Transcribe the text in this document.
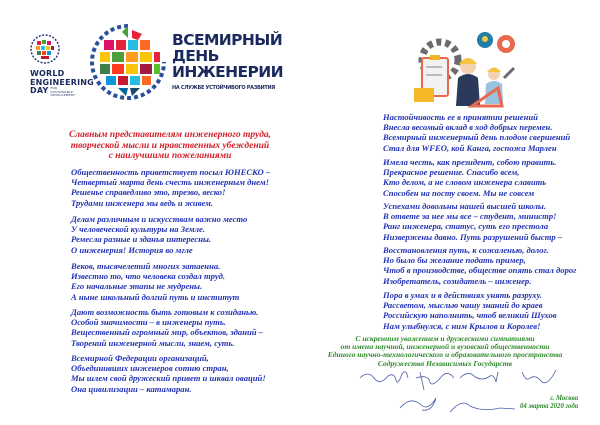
WORLD
ENGINEERING
DAY FOR SUSTAINABLE DEVELOPMENT
ВСЕМИРНЫЙ
ДЕНЬ
ИНЖЕНЕРИИ
НА СЛУЖБЕ УСТОЙЧИВОГО РАЗВИТИЯ
Славным представителям инженерного труда,
творческой мысли и нравственных убеждений
с наилучшими пожеланиями
Общественность приветствует посыл ЮНЕСКО –
Четвертый марта день счесть инженерным днем!
Решенье справедливо это, трезво, веско!
Трудами инженера мы ведь и живем.
Делам различным и искусствам важно место
У человеческой культуры на Земле.
Ремесла разные и зданья интересны.
О инженерия! История во мгле
Веков, тысячелетий многих затаенна.
Известно то, что человека создал труд.
Его начальные этапы не мудрены.
А ныне школьный долгий путь и институт
Дают возможность быть готовым к созиданью.
Особой значимости – в инженеры путь.
Вещественный огромный мир, объектов, зданий –
Творений инженерной мысли, знаем, суть.
Всемирной Федерации организаций,
Объединивших инженеров сотню стран,
Мы шлем свой дружеский привет и шквал оваций!
Она цивилизации – катамаран.
Настойчивость ее в принятии решений
Внесла весомый вклад в ход добрых перемен.
Всемирный инженерный день плодом свершений
Стал для WFEO, кой Канга, госпожа Марлен
Имела честь, как президент, собою править.
Прекрасное решение. Спасибо всем,
Кто делом, а не словом инженера славить
Способен на посту своем. Мы не совсем
Успехами довольны нашей высшей школы.
В ответе за нее мы все – студент, министр!
Ранг инженера, статус, суть его престола
Низвержены давно. Путь разрушений быстр –
Восстановления путь, к сожаленью, долог.
Но было бы желание подать пример,
Чтоб в производстве, обществе опять стал дорог
Изобретатель, созидатель – инженер.
Пора в умах и в действиях унять разруху.
Рассветом, мыслью чашу знаний до краев
Российскую наполнить, чтоб великий Шухов
Нам улыбнулся, с ним Крылов и Королев!
С искренним уважением и дружескими симпатиями
от имени научной, инженерной и вузовской общественности
Единого научно-технологического и образовательного пространства
Содружества Независимых Государств
г. Москва
04 марта 2020 года
